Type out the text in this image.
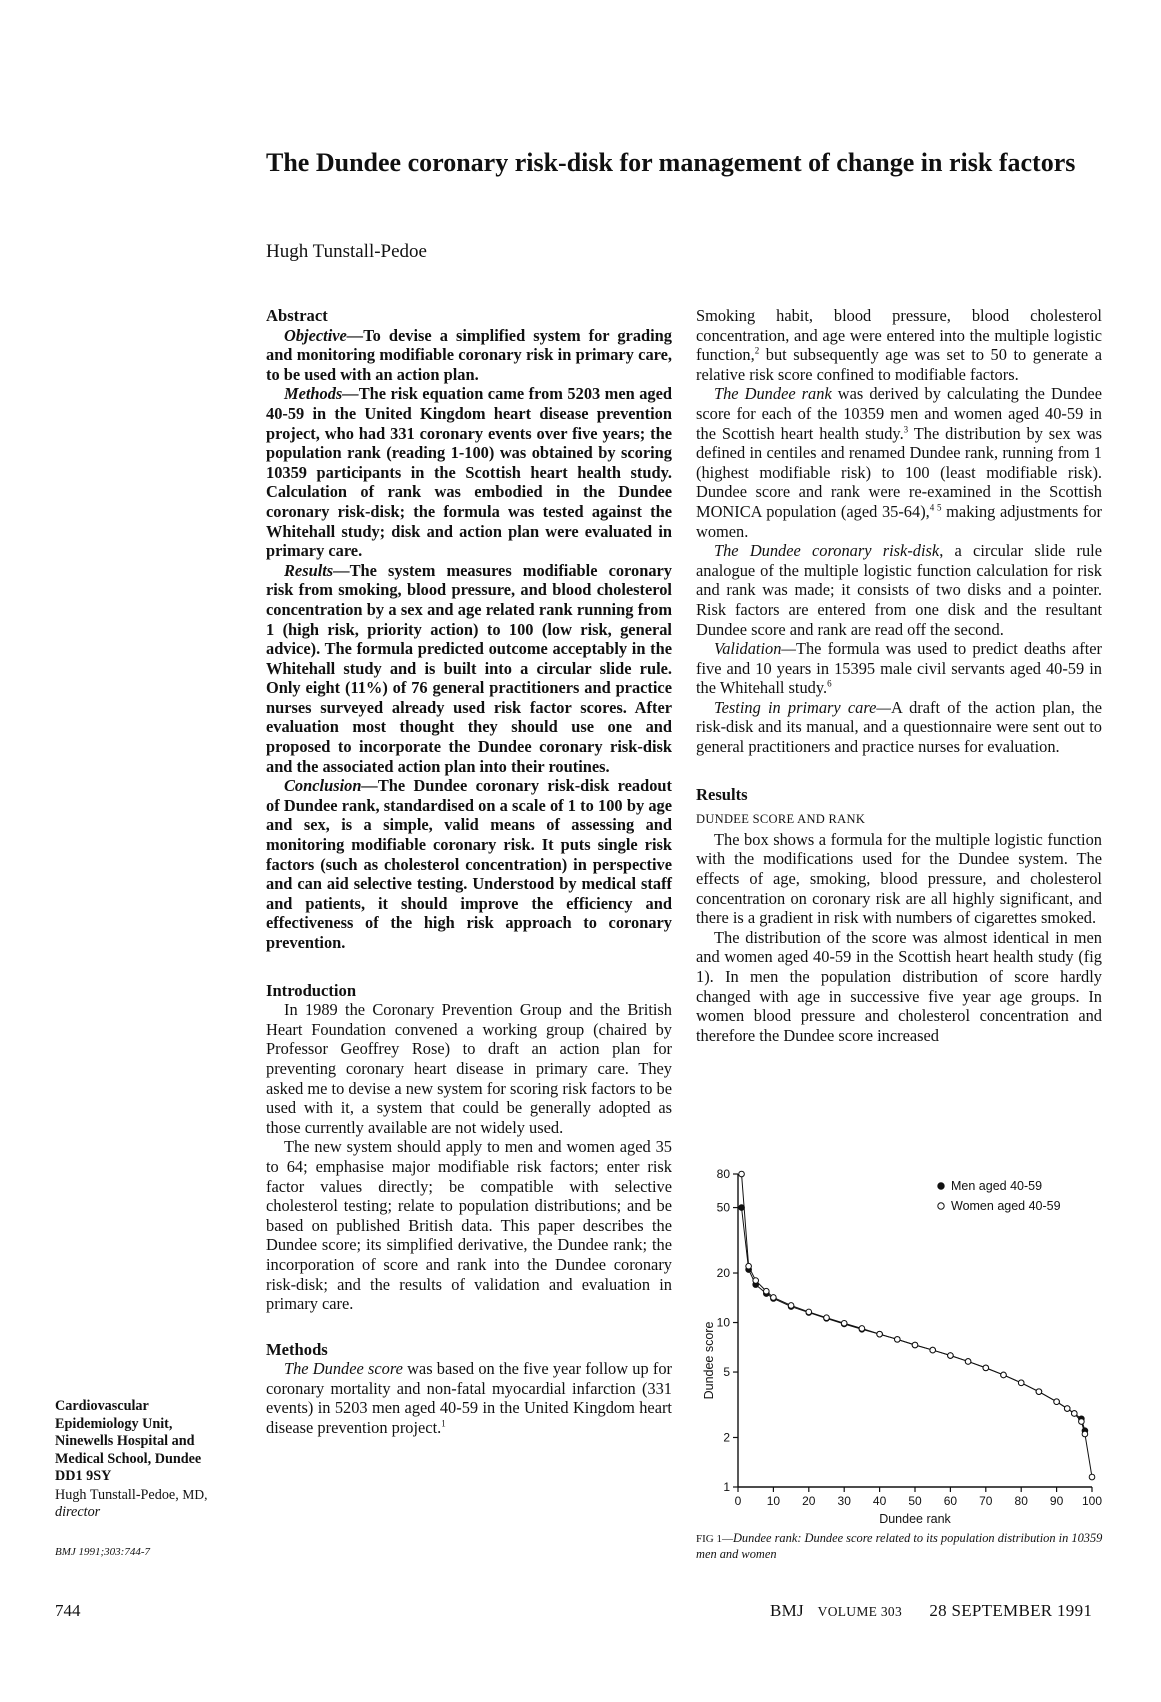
The Dundee coronary risk-disk for management of change in risk factors
Hugh Tunstall-Pedoe

Abstract

Objective—To devise a simplified system for grading and monitoring modifiable coronary risk in primary care, to be used with an action plan.

Methods—The risk equation came from 5203 men aged 40-59 in the United Kingdom heart disease prevention project, who had 331 coronary events over five years; the population rank (reading 1-100) was obtained by scoring 10359 participants in the Scottish heart health study. Calculation of rank was embodied in the Dundee coronary risk-disk; the formula was tested against the Whitehall study; disk and action plan were evaluated in primary care.

Results—The system measures modifiable coronary risk from smoking, blood pressure, and blood cholesterol concentration by a sex and age related rank running from 1 (high risk, priority action) to 100 (low risk, general advice). The formula predicted outcome acceptably in the Whitehall study and is built into a circular slide rule. Only eight (11%) of 76 general practitioners and practice nurses surveyed already used risk factor scores. After evaluation most thought they should use one and proposed to incorporate the Dundee coronary risk-disk and the associated action plan into their routines.

Conclusion—The Dundee coronary risk-disk readout of Dundee rank, standardised on a scale of 1 to 100 by age and sex, is a simple, valid means of assessing and monitoring modifiable coronary risk. It puts single risk factors (such as cholesterol concentration) in perspective and can aid selective testing. Understood by medical staff and patients, it should improve the efficiency and effectiveness of the high risk approach to coronary prevention.

Introduction

In 1989 the Coronary Prevention Group and the British Heart Foundation convened a working group (chaired by Professor Geoffrey Rose) to draft an action plan for preventing coronary heart disease in primary care. They asked me to devise a new system for scoring risk factors to be used with it, a system that could be generally adopted as those currently available are not widely used.

The new system should apply to men and women aged 35 to 64; emphasise major modifiable risk factors; enter risk factor values directly; be compatible with selective cholesterol testing; relate to population distributions; and be based on published British data. This paper describes the Dundee score; its simplified derivative, the Dundee rank; the incorporation of score and rank into the Dundee coronary risk-disk; and the results of validation and evaluation in primary care.

Methods

The Dundee score was based on the five year follow up for coronary mortality and non-fatal myocardial infarction (331 events) in 5203 men aged 40-59 in the United Kingdom heart disease prevention project.$^1$

Smoking habit, blood pressure, blood cholesterol concentration, and age were entered into the multiple logistic function,$^2$ but subsequently age was set to 50 to generate a relative risk score confined to modifiable factors.

The Dundee rank was derived by calculating the Dundee score for each of the 10359 men and women aged 40-59 in the Scottish heart health study.$^3$ The distribution by sex was defined in centiles and renamed Dundee rank, running from 1 (highest modifiable risk) to 100 (least modifiable risk). Dundee score and rank were re-examined in the Scottish MONICA population (aged 35-64),$^{4 5}$ making adjustments for women.

The Dundee coronary risk-disk, a circular slide rule analogue of the multiple logistic function calculation for risk and rank was made; it consists of two disks and a pointer. Risk factors are entered from one disk and the resultant Dundee score and rank are read off the second.

Validation—The formula was used to predict deaths after five and 10 years in 15395 male civil servants aged 40-59 in the Whitehall study.$^6$

Testing in primary care—A draft of the action plan, the risk-disk and its manual, and a questionnaire were sent out to general practitioners and practice nurses for evaluation.

Results

DUNDEE SCORE AND RANK

The box shows a formula for the multiple logistic function with the modifications used for the Dundee system. The effects of age, smoking, blood pressure, and cholesterol concentration on coronary risk are all highly significant, and there is a gradient in risk with numbers of cigarettes smoked.

The distribution of the score was almost identical in men and women aged 40-59 in the Scottish heart health study (fig 1). In men the population distribution of score hardly changed with age in successive five year age groups. In women blood pressure and cholesterol concentration and therefore the Dundee score increased

1
2
5
10
20
50
80
0 10 20 30 40 50 60 70 80 90 100
Dundee rank
Dundee score
Men aged 40-59
Women aged 40-59
FIG 1—Dundee rank: Dundee score related to its population distribution in 10359 men and women
Cardiovascular
Epidemiology Unit,
Ninewells Hospital and
Medical School, Dundee
DD1 9SY
Hugh Tunstall-Pedoe, MD,
director
BMJ 1991;303:744-7
744	BMJ VOLUME 303 28 SEPTEMBER 1991
